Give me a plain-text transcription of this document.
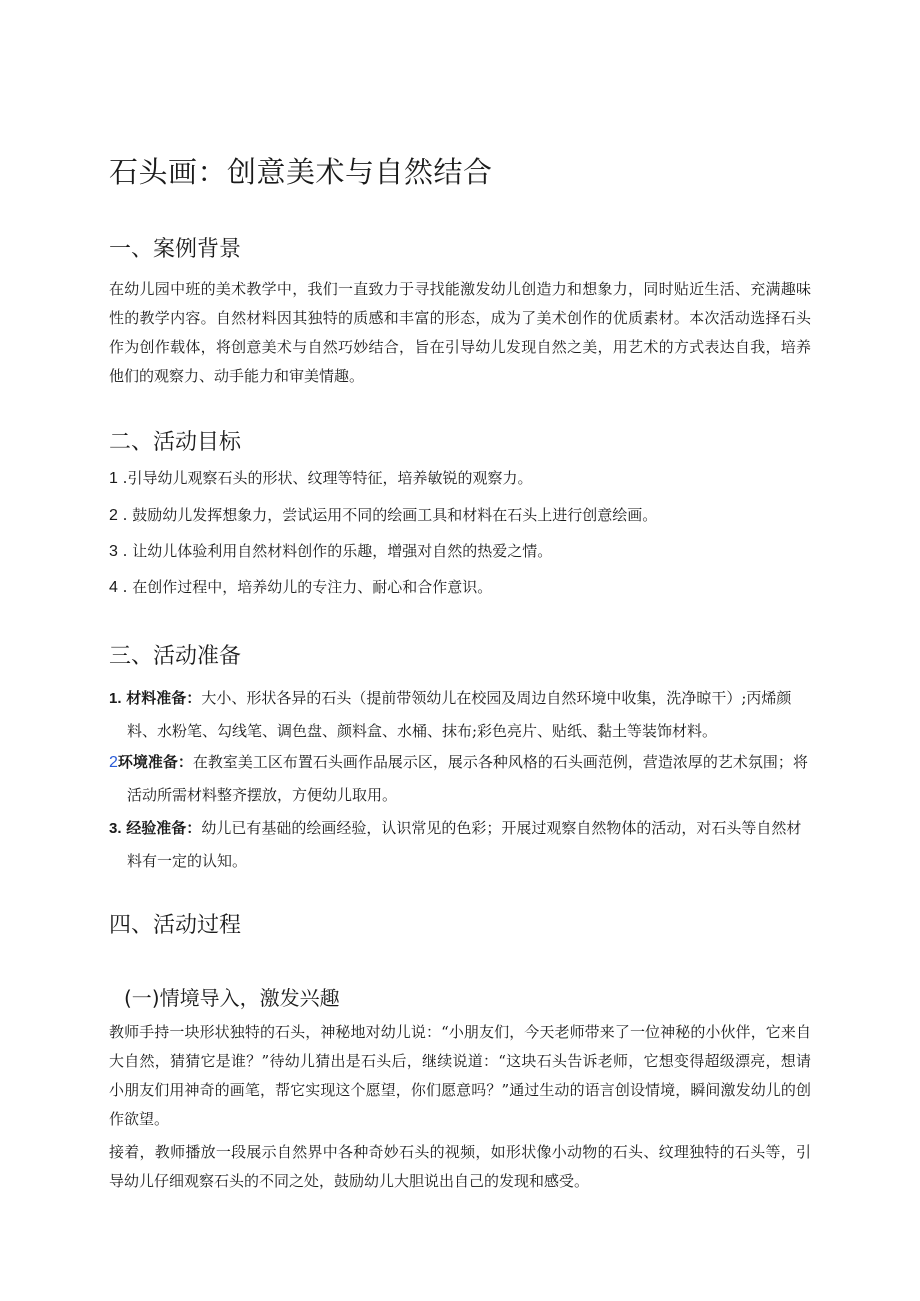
石头画：创意美术与自然结合
一、案例背景

在幼儿园中班的美术教学中，我们一直致力于寻找能激发幼儿创造力和想象力，同时贴近生活、充满趣味性的教学内容。自然材料因其独特的质感和丰富的形态，成为了美术创作的优质素材。本次活动选择石头作为创作载体，将创意美术与自然巧妙结合，旨在引导幼儿发现自然之美，用艺术的方式表达自我，培养他们的观察力、动手能力和审美情趣。

二、活动目标

1 .引导幼儿观察石头的形状、纹理等特征，培养敏锐的观察力。

2 . 鼓励幼儿发挥想象力，尝试运用不同的绘画工具和材料在石头上进行创意绘画。

3 . 让幼儿体验利用自然材料创作的乐趣，增强对自然的热爱之情。

4 . 在创作过程中，培养幼儿的专注力、耐心和合作意识。

三、活动准备

1. 材料准备：大小、形状各异的石头（提前带领幼儿在校园及周边自然环境中收集，洗净晾干）;丙烯颜料、水粉笔、勾线笔、调色盘、颜料盒、水桶、抹布;彩色亮片、贴纸、黏土等装饰材料。

2环境准备：在教室美工区布置石头画作品展示区，展示各种风格的石头画范例，营造浓厚的艺术氛围；将活动所需材料整齐摆放，方便幼儿取用。

3. 经验准备：幼儿已有基础的绘画经验，认识常见的色彩；开展过观察自然物体的活动，对石头等自然材料有一定的认知。

四、活动过程
(一)情境导入，激发兴趣

教师手持一块形状独特的石头，神秘地对幼儿说：“小朋友们，今天老师带来了一位神秘的小伙伴，它来自大自然，猜猜它是谁？”待幼儿猜出是石头后，继续说道：“这块石头告诉老师，它想变得超级漂亮，想请小朋友们用神奇的画笔，帮它实现这个愿望，你们愿意吗？”通过生动的语言创设情境，瞬间激发幼儿的创作欲望。

接着，教师播放一段展示自然界中各种奇妙石头的视频，如形状像小动物的石头、纹理独特的石头等，引导幼儿仔细观察石头的不同之处，鼓励幼儿大胆说出自己的发现和感受。
